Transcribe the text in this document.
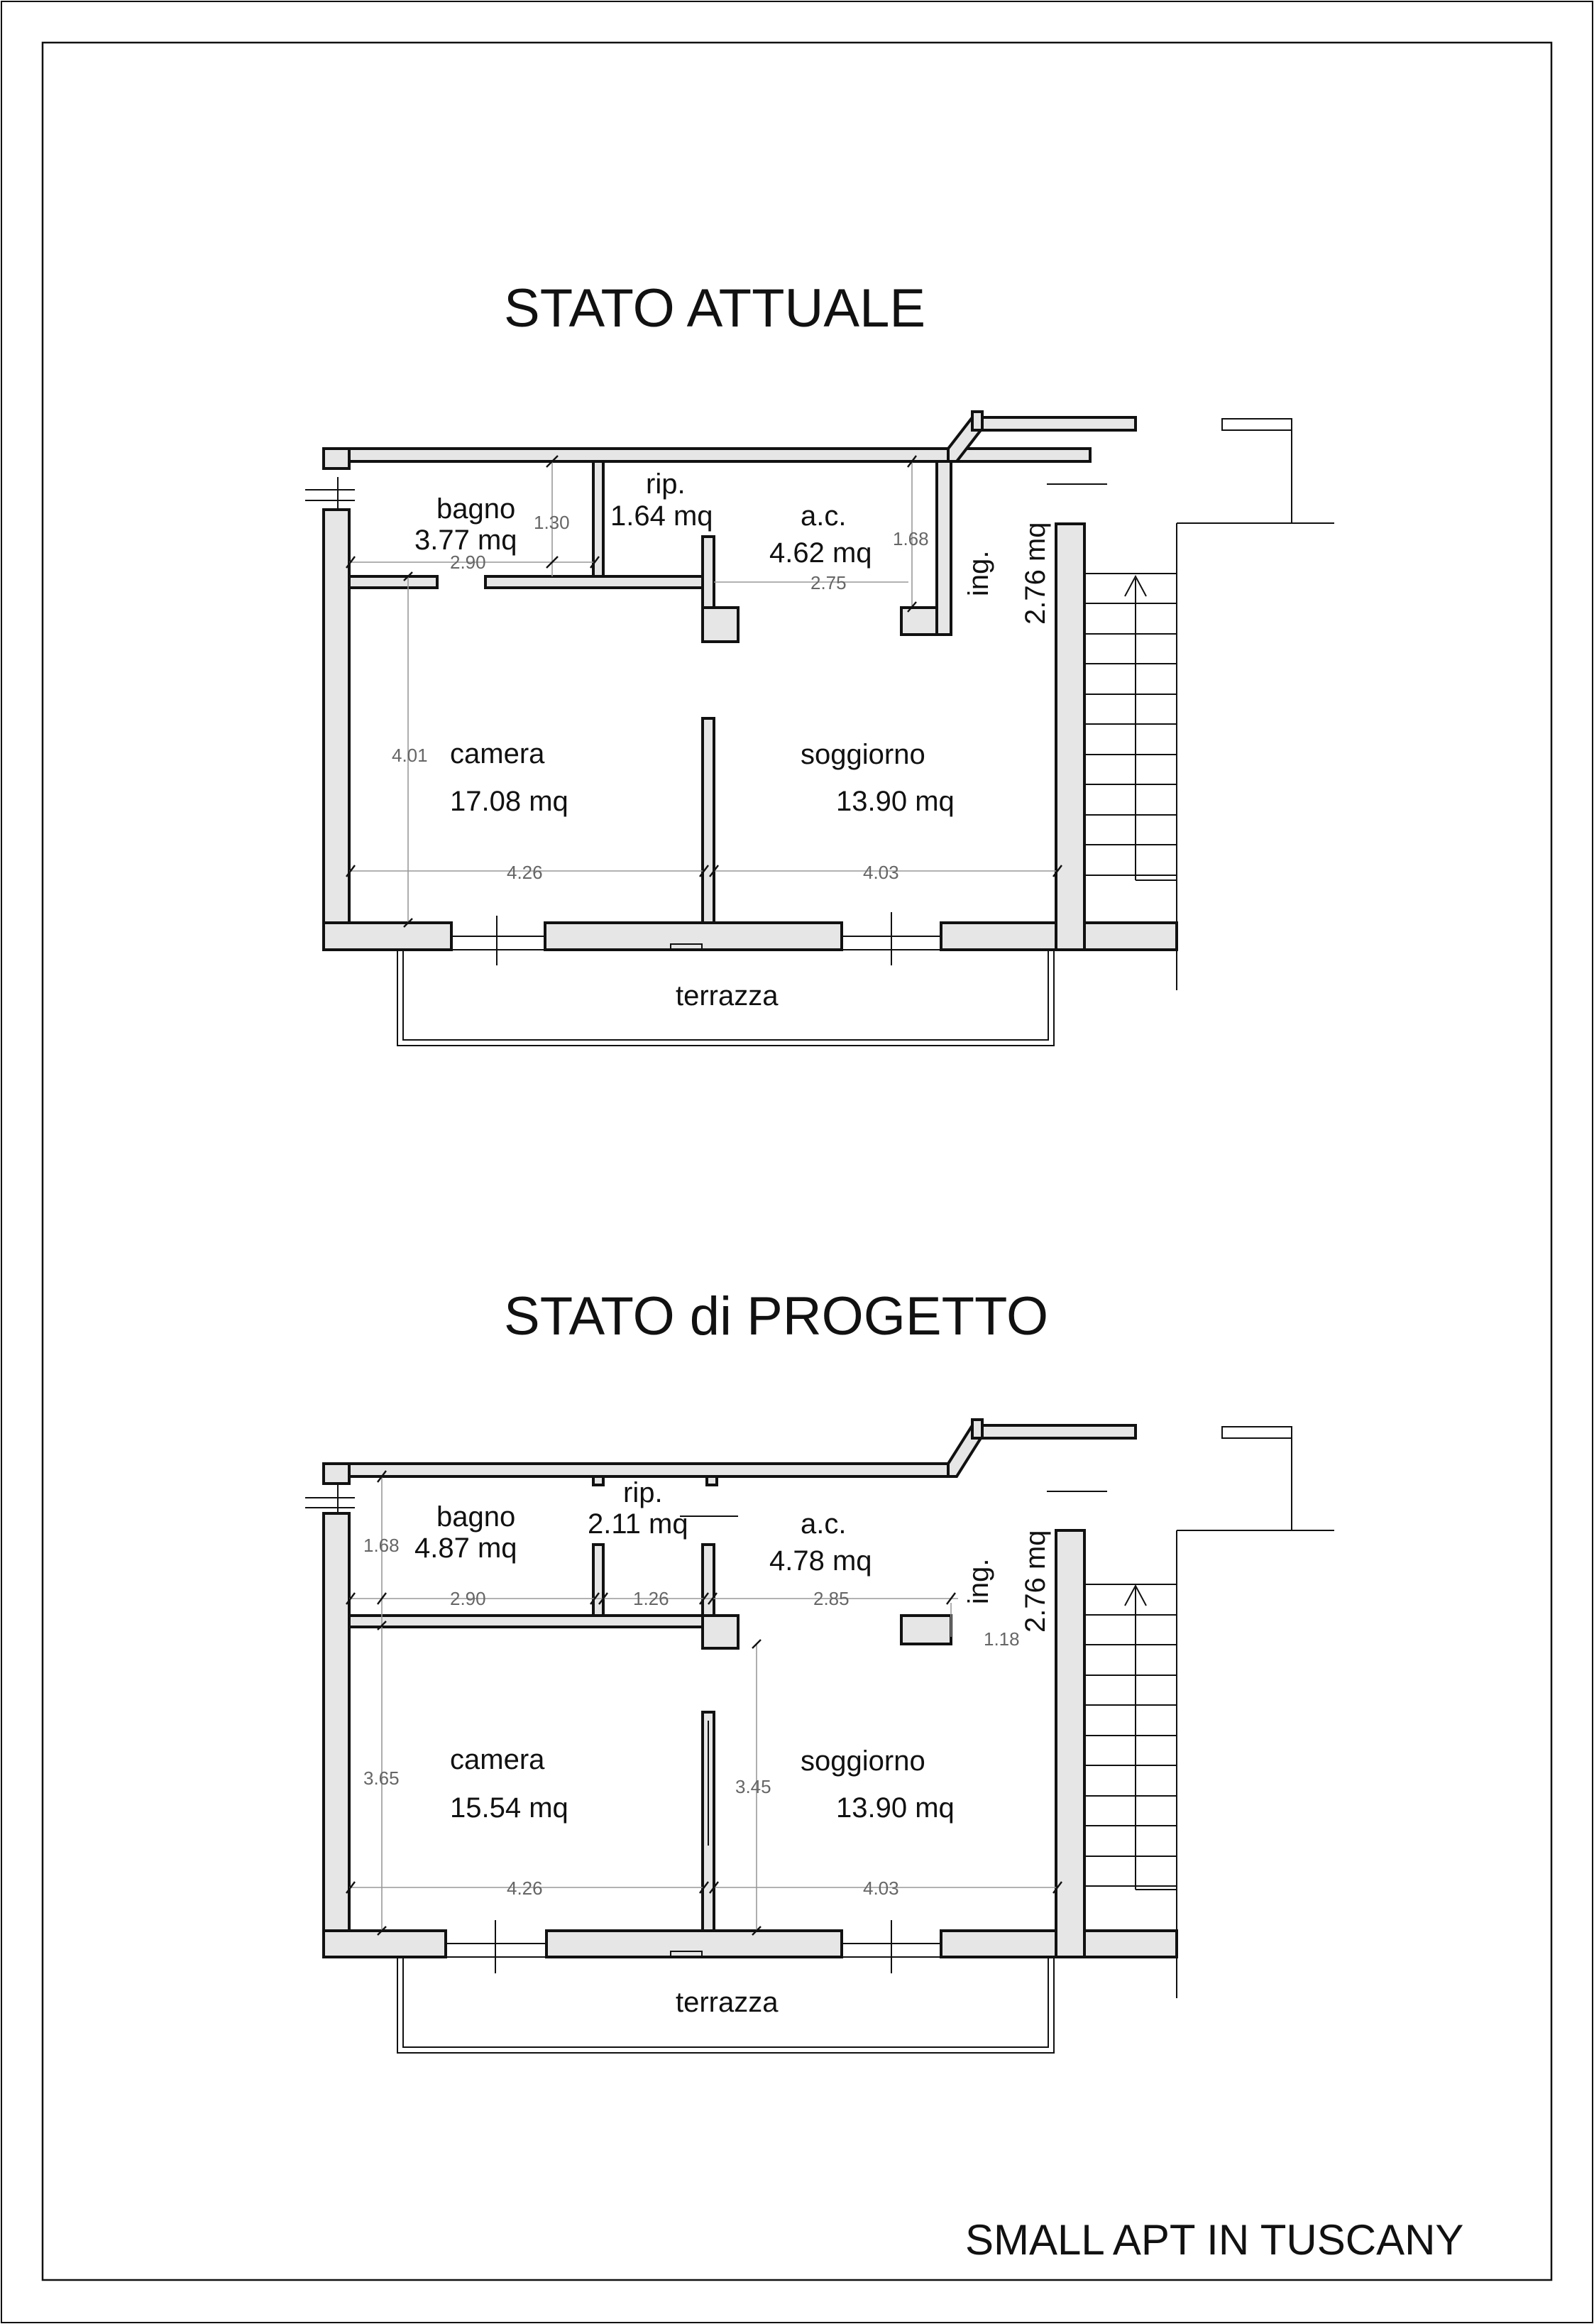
STATO ATTUALE
bagno
3.77 mq
rip.
1.64 mq	a.c.
4.62 mq	ing. 2.76 mq
camera
17.08 mq
soggiorno
13.90 mq
terrazza
1.30
2.90
1.68
2.75
4.01
4.26	4.03
STATO di PROGETTO
bagno
4.87 mq
rip.
2.11 mq	a.c.
4.78 mq	ing. 2.76 mq
camera
15.54 mq
soggiorno
13.90 mq
terrazza
1.68
2.90	1.26	2.85
1.18
3.65	3.45
4.26	4.03
SMALL APT IN TUSCANY
